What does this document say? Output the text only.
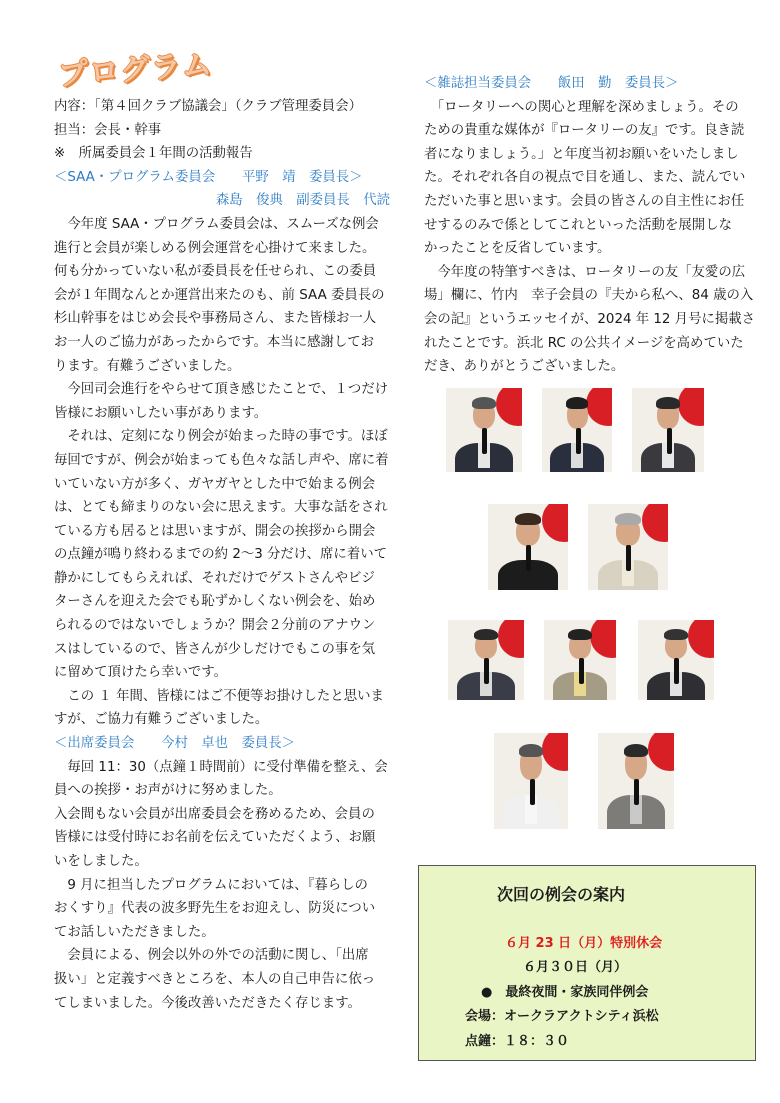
プログラム
内容：｢第４回クラブ協議会｣（クラブ管理委員会）
担当：会長・幹事
※　所属委員会１年間の活動報告
＜SAA・プログラム委員会　　平野　靖　委員長＞
森島　俊典　副委員長　代読
　今年度 SAA・プログラム委員会は、スムーズな例会
進行と会員が楽しめる例会運営を心掛けて来ました。
何も分かっていない私が委員長を任せられ、この委員
会が１年間なんとか運営出来たのも、前 SAA 委員長の
杉山幹事をはじめ会長や事務局さん、また皆様お一人
お一人のご協力があったからです。本当に感謝してお
ります。有難うございました。
　今回司会進行をやらせて頂き感じたことで、１つだけ
皆様にお願いしたい事があります。
　それは、定刻になり例会が始まった時の事です。ほぼ
毎回ですが、例会が始まっても色々な話し声や、席に着
いていない方が多く、ガヤガヤとした中で始まる例会
は、とても締まりのない会に思えます。大事な話をされ
ている方も居るとは思いますが、開会の挨拶から開会
の点鐘が鳴り終わるまでの約 2～3 分だけ、席に着いて
静かにしてもらえれば、それだけでゲストさんやビジ
ターさんを迎えた会でも恥ずかしくない例会を、始め
られるのではないでしょうか？開会２分前のアナウン
スはしているので、皆さんが少しだけでもこの事を気
に留めて頂けたら幸いです。
　この １ 年間、皆様にはご不便等お掛けしたと思いま
すが、ご協力有難うございました。
＜出席委員会　　今村　卓也　委員長＞
　毎回 11：30（点鐘１時間前）に受付準備を整え、会
員への挨拶・お声がけに努めました。
入会間もない会員が出席委員会を務めるため、会員の
皆様には受付時にお名前を伝えていただくよう、お願
いをしました。
　9 月に担当したプログラムにおいては、『暮らしの
おくすり』代表の波多野先生をお迎えし、防災につい
てお話しいただきました。
　会員による、例会以外の外での活動に関し、「出席
扱い」と定義すべきところを、本人の自己申告に依っ
てしまいました。今後改善いただきたく存じます。
＜雑誌担当委員会　　飯田　勤　委員長＞
　「ロータリーへの関心と理解を深めましょう。その
ための貴重な媒体が『ロータリーの友』です。良き読
者になりましょう。」と年度当初お願いをいたしまし
た。それぞれ各自の視点で目を通し、また、読んでい
ただいた事と思います。会員の皆さんの自主性にお任
せするのみで係としてこれといった活動を展開しな
かったことを反省しています。
　今年度の特筆すべきは、ロータリーの友「友愛の広
場」欄に、竹内　幸子会員の『夫から私へ、84 歳の入
会の記』というエッセイが、2024 年 12 月号に掲載さ
れたことです。浜北 RC の公共イメージを高めていた
だき、ありがとうございました。
次回の例会の案内
６月 23 日（月）特別休会
６月３０日（月）
●　最終夜間・家族同伴例会
会場：オークラアクトシティ浜松
点鐘：１８：３０
